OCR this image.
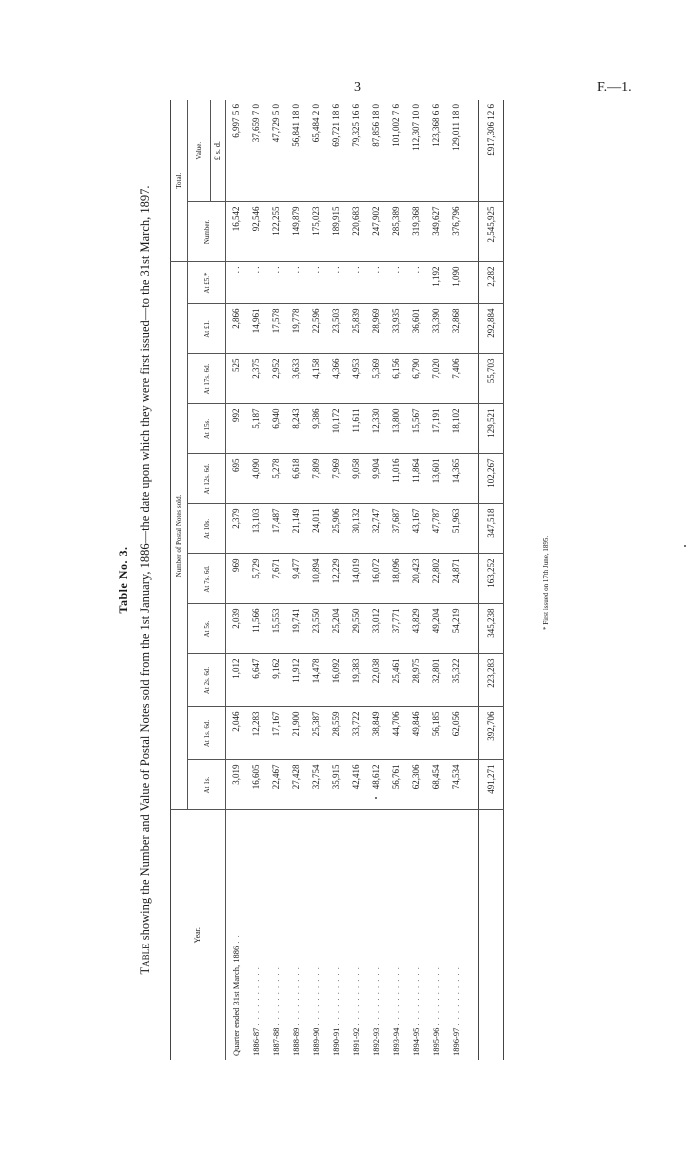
3	F.—1.
Table No. 3.
Table showing the Number and Value of Postal Notes sold from the 1st January, 1886—the date upon which they were first issued—to the 31st March, 1897.	Year.	Number of Postal Notes sold.											Total.	
	At 1s.	At 1s. 6d.	At 2s. 6d.	At 5s.	At 7s. 6d.	At 10s.	At 12s. 6d.	At 15s.	At 17s. 6d.	At £1.	At £5.*	Number.	Value.
													£ s. d.
Quarter ended 31st March, 1886 . .	3,019	2,046	1,012	2,039	969	2,379	695	992	525	2,866	. .	16,542	6,997 5 6
1886-87 . . . . . . . . . .	16,605	12,283	6,647	11,566	5,729	13,103	4,090	5,187	2,375	14,961	. .	92,546	37,659 7 0
1887-88 . . . . . . . . . .	22,467	17,167	9,162	15,553	7,671	17,487	5,278	6,940	2,952	17,578	. .	122,255	47,729 5 0
1888-89 . . . . . . . . . .	27,428	21,900	11,912	19,741	9,477	21,149	6,618	8,243	3,633	19,778	. .	149,879	56,841 18 0
1889-90 . . . . . . . . . .	32,754	25,387	14,478	23,550	10,894	24,011	7,809	9,386	4,158	22,596	. .	175,023	65,484 2 0
1890-91 . . . . . . . . . .	35,915	28,559	16,092	25,204	12,229	25,906	7,969	10,172	4,366	23,503	. .	189,915	69,721 18 6
1891-92 . . . . . . . . . .	42,416	33,722	19,383	29,550	14,019	30,132	9,058	11,611	4,953	25,839	. .	220,683	79,325 16 6
1892-93 . . . . . . . . . .	48,612	38,849	22,038	33,012	16,072	32,747	9,904	12,330	5,369	28,969	. .	247,902	87,856 18 0
1893-94 . . . . . . . . . .	56,761	44,706	25,461	37,771	18,096	37,687	11,016	13,800	6,156	33,935	. .	285,389	101,002 7 6
1894-95 . . . . . . . . . .	62,306	49,846	28,975	43,829	20,423	43,167	11,864	15,567	6,790	36,601	. .	319,368	112,307 10 0
1895-96 . . . . . . . . . .	68,454	56,185	32,801	49,204	22,802	47,787	13,601	17,191	7,020	33,390	1,192	349,627	123,368 6 6
1896-97 . . . . . . . . . .	74,534	62,056	35,322	54,219	24,871	51,963	14,365	18,102	7,406	32,868	1,090	376,796	129,011 18 0

	491,271	392,706	223,283	345,238	163,252	347,518	102,267	129,521	55,703	292,884	2,282	2,545,925	£917,306 12 6
* First issued on 17th June, 1895.
